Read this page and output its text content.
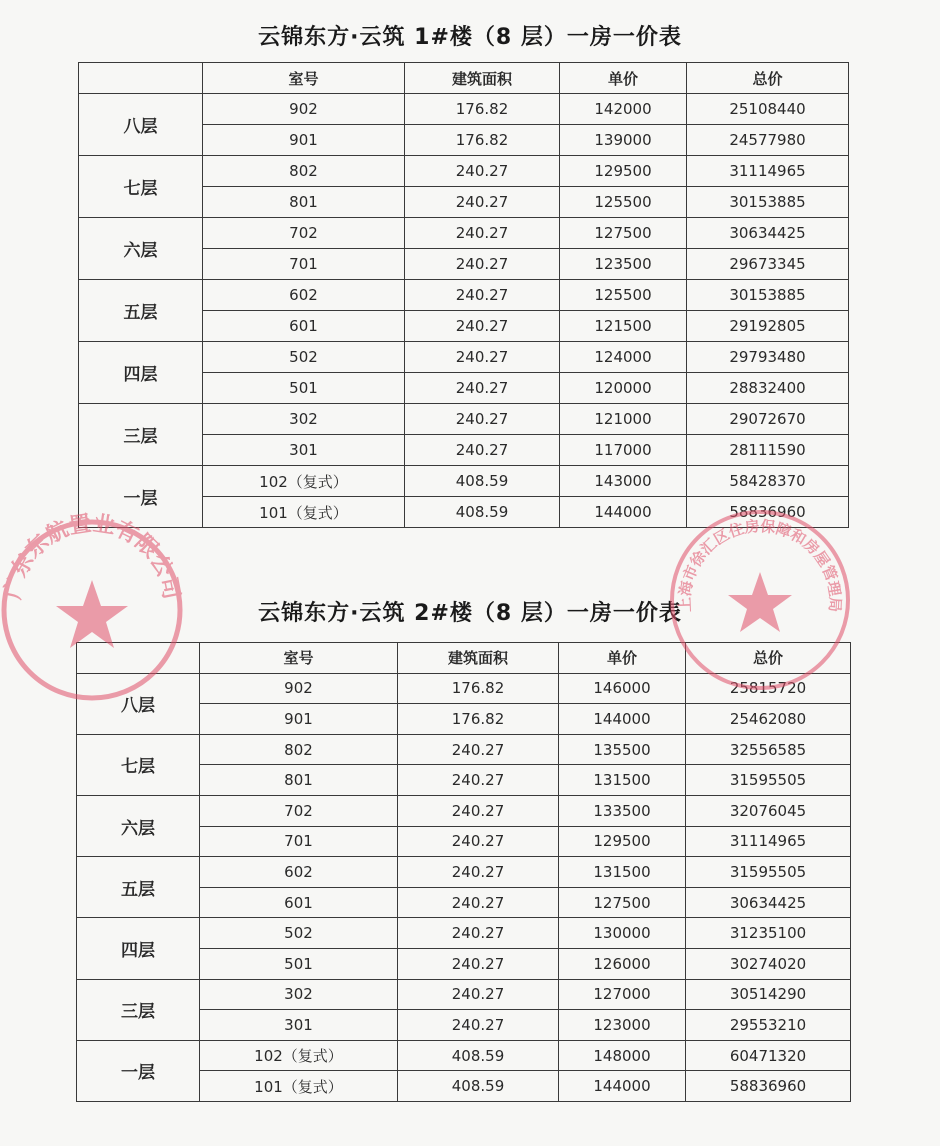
云锦东方·云筑 1#楼（8 层）一房一价表
	室号	建筑面积	单价	总价
八层	902	176.82	142000	25108440
	901	176.82	139000	24577980
七层	802	240.27	129500	31114965
	801	240.27	125500	30153885
六层	702	240.27	127500	30634425
	701	240.27	123500	29673345
五层	602	240.27	125500	30153885
	601	240.27	121500	29192805
四层	502	240.27	124000	29793480
	501	240.27	120000	28832400
三层	302	240.27	121000	29072670
	301	240.27	117000	28111590
一层	102（复式）	408.59	143000	58428370
	101（复式）	408.59	144000	58836960
云锦东方·云筑 2#楼（8 层）一房一价表
	室号	建筑面积	单价	总价
八层	902	176.82	146000	25815720
	901	176.82	144000	25462080
七层	802	240.27	135500	32556585
	801	240.27	131500	31595505
六层	702	240.27	133500	32076045
	701	240.27	129500	31114965
五层	602	240.27	131500	31595505
	601	240.27	127500	30634425
四层	502	240.27	130000	31235100
	501	240.27	126000	30274020
三层	302	240.27	127000	30514290
	301	240.27	123000	29553210
一层	102（复式）	408.59	148000	60471320
	101（复式）	408.59	144000	58836960
广东东航置业有限公司
上海市徐汇区住房保障和房屋管理局
